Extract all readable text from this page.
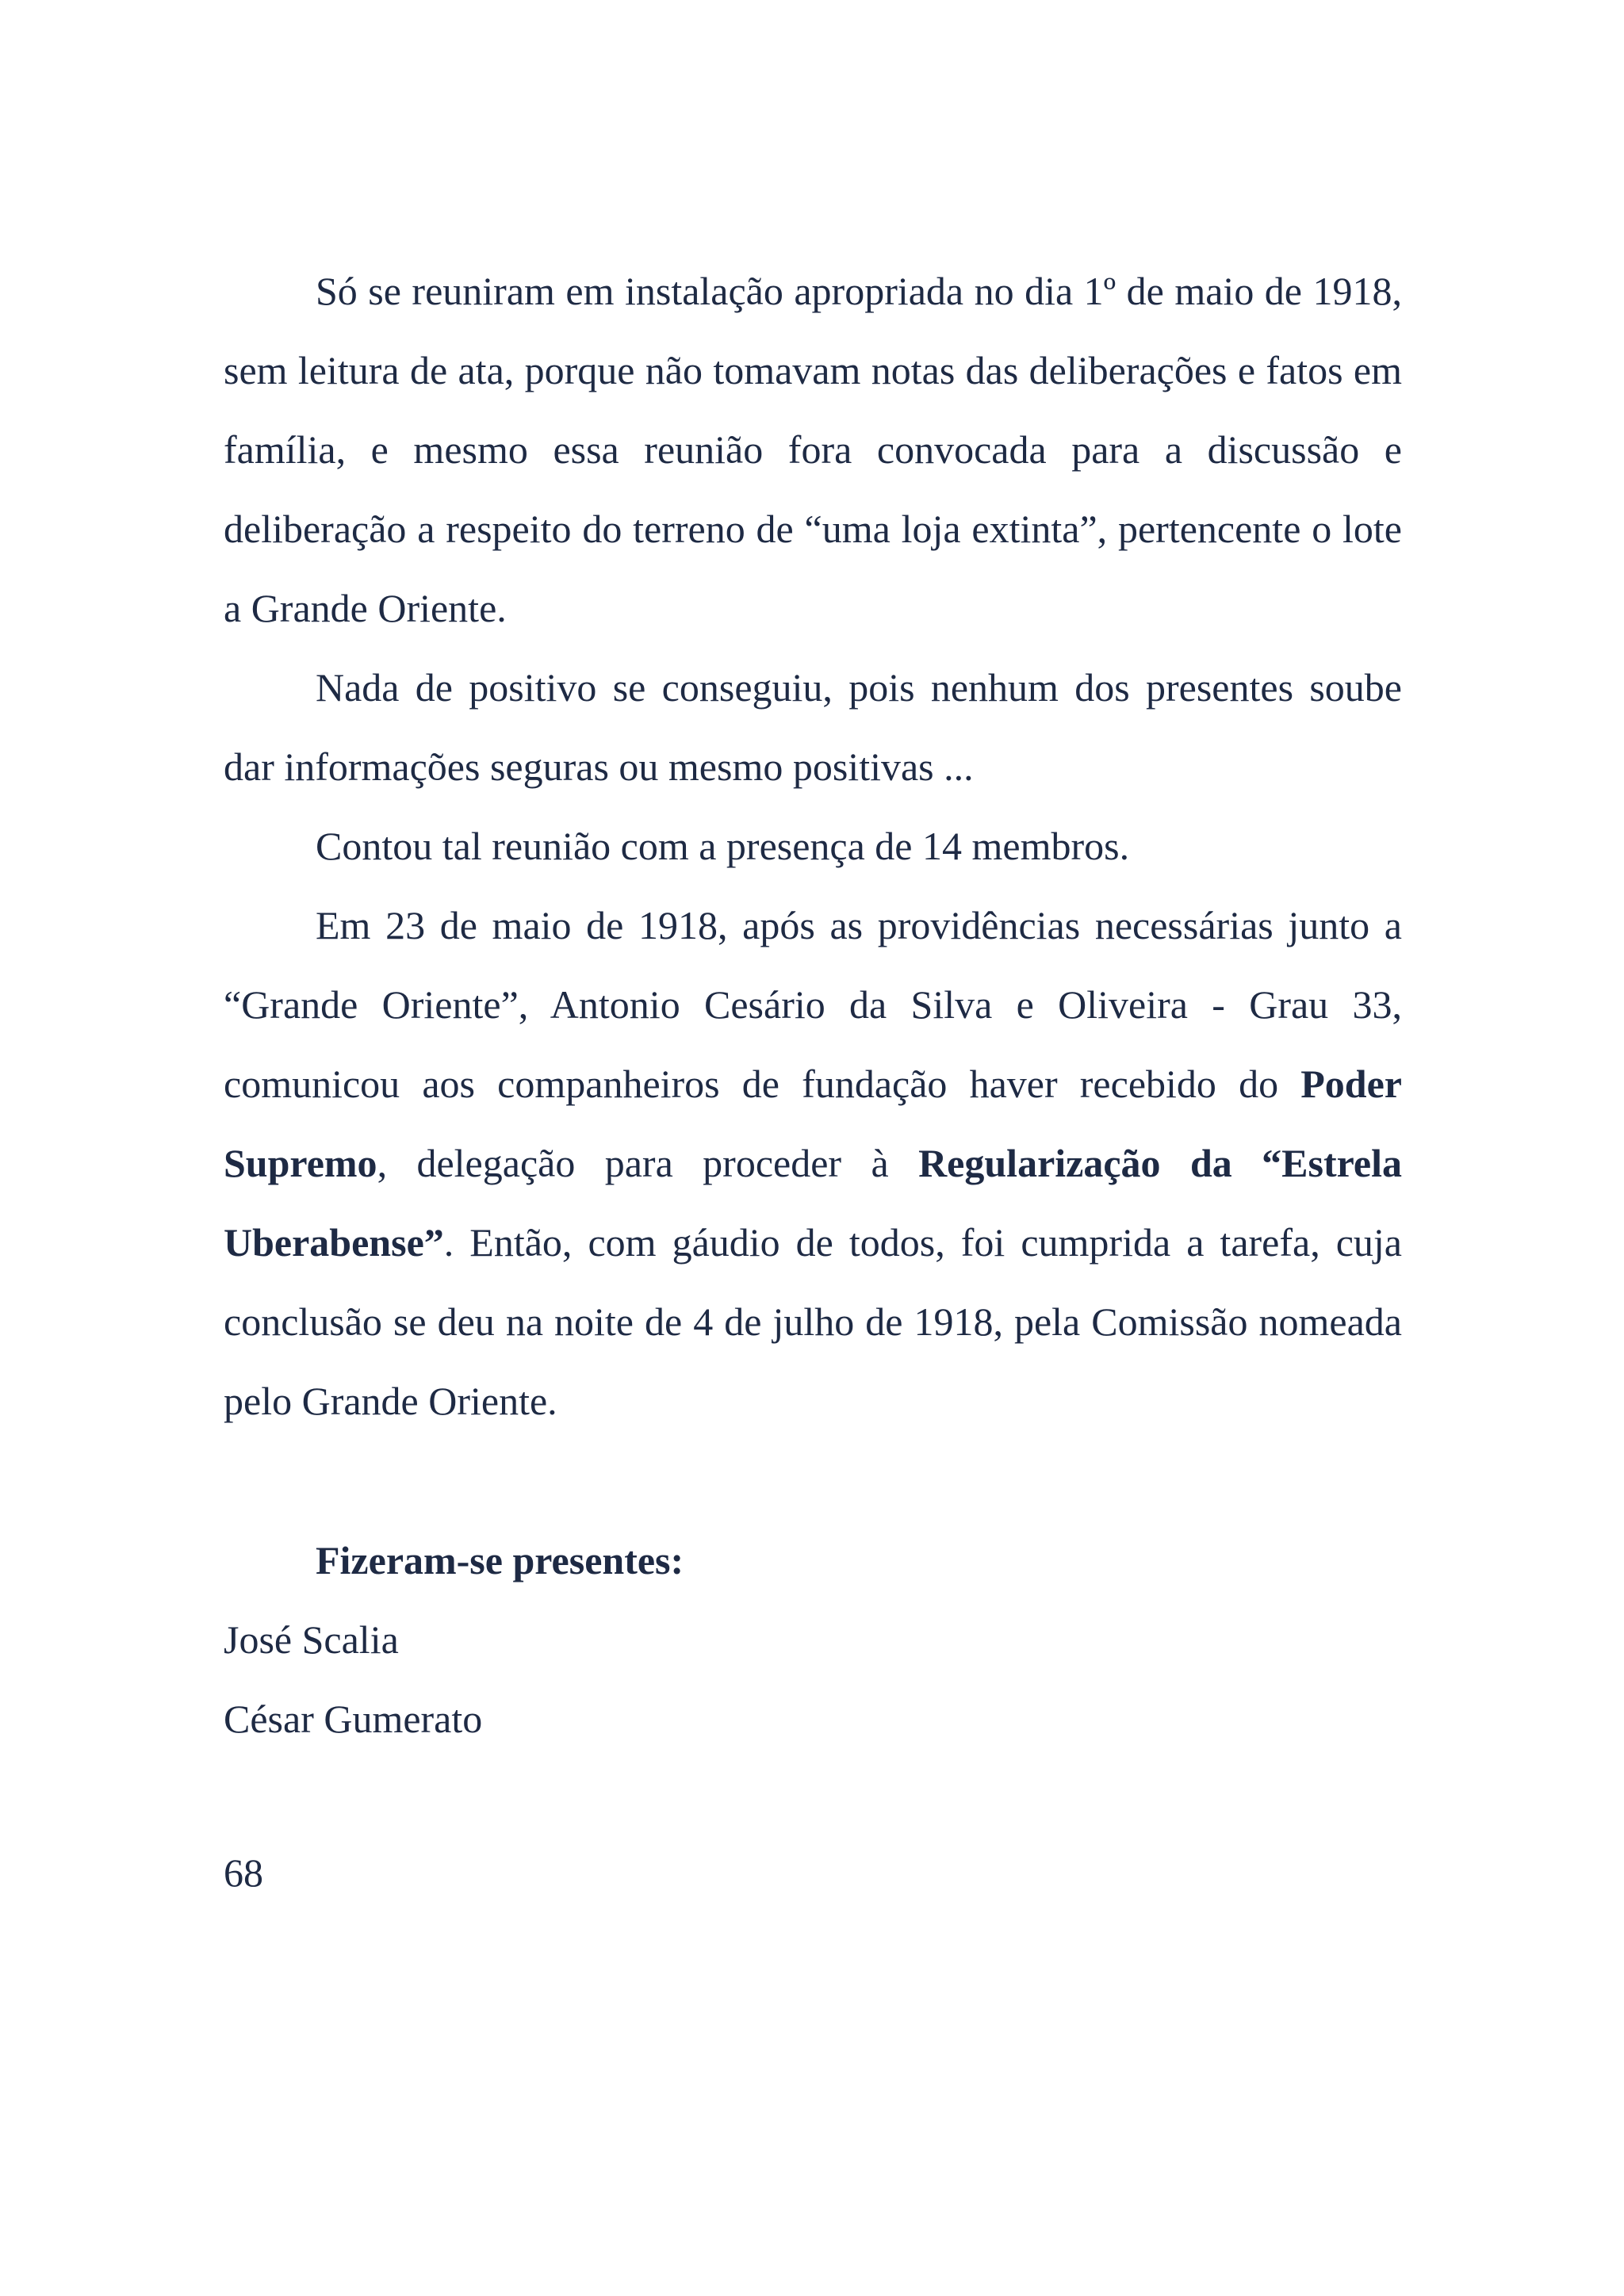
Só se reuniram em instalação apropriada no dia 1º de maio de 1918, sem leitura de ata, porque não tomavam notas das deliberações e fatos em família, e mesmo essa reunião fora convocada para a discussão e deliberação a respeito do terreno de “uma loja extinta”, pertencente o lote a Grande Oriente.

Nada de positivo se conseguiu, pois nenhum dos presentes soube dar informações seguras ou mesmo positivas ...

Contou tal reunião com a presença de 14 membros.

Em 23 de maio de 1918, após as providências necessárias junto a “Grande Oriente”, Antonio Cesário da Silva e Oliveira - Grau 33, comunicou aos companheiros de fundação haver recebido do Poder Supremo, delegação para proceder à Regularização da “Estrela Uberabense”. Então, com gáudio de todos, foi cumprida a tarefa, cuja conclusão se deu na noite de 4 de julho de 1918, pela Comissão nomeada pelo Grande Oriente.

Fizeram-se presentes:
José Scalia
César Gumerato
68
